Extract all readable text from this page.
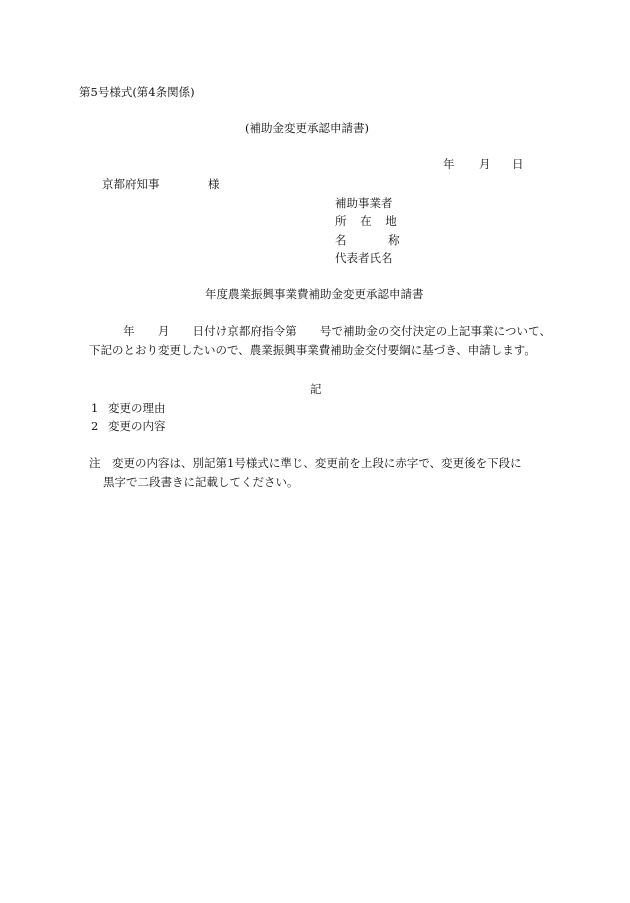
第5号様式(第4条関係)

(補助金変更承認申請書)

年 月 日
京都府知事	様
補助事業者
所 在 地
名 称
代表者氏名

年度農業振興事業費補助金変更承認申請書

年　　月　　日付け京都府指令第　　号で補助金の交付決定の上記事業について、下記のとおり変更したいので、農業振興事業費補助金交付要綱に基づき、申請します。

記

1 変更の理由
2 変更の内容
注　 変更の内容は、別記第1号様式に準じ、変更前を上段に赤字で、変更後を下段に
黒字で二段書きに記載してください。
